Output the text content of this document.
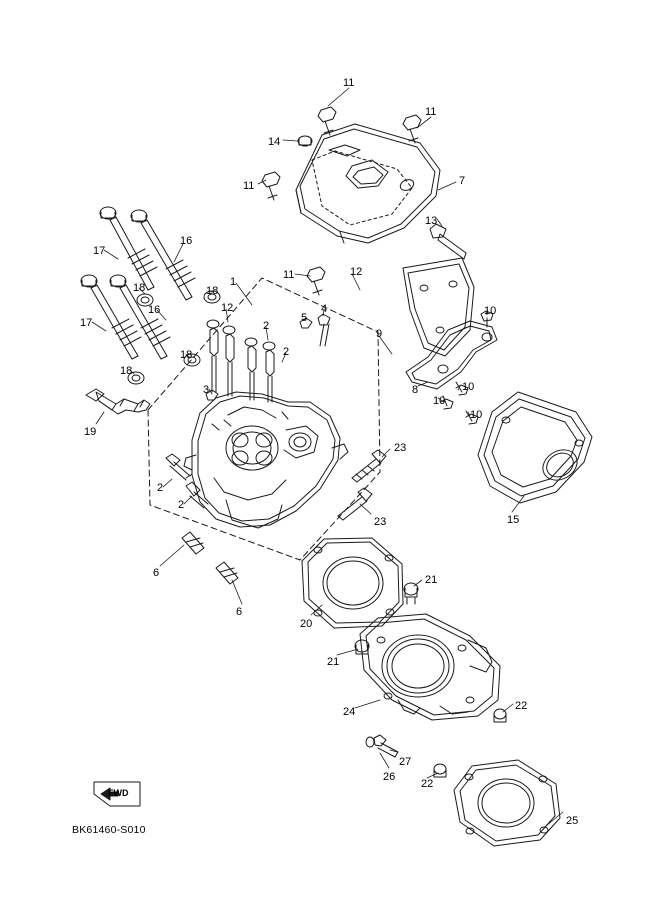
FWD
BK61460-S010
11
11
14
7
11
13
17
16
18	18
1
11	12
16	12	10
17
4
5
2
9
18	2
18
8	10
10
10
3
19
23
2
2
23	15
6
6
20
21
21
24	22
22
27
26
25
